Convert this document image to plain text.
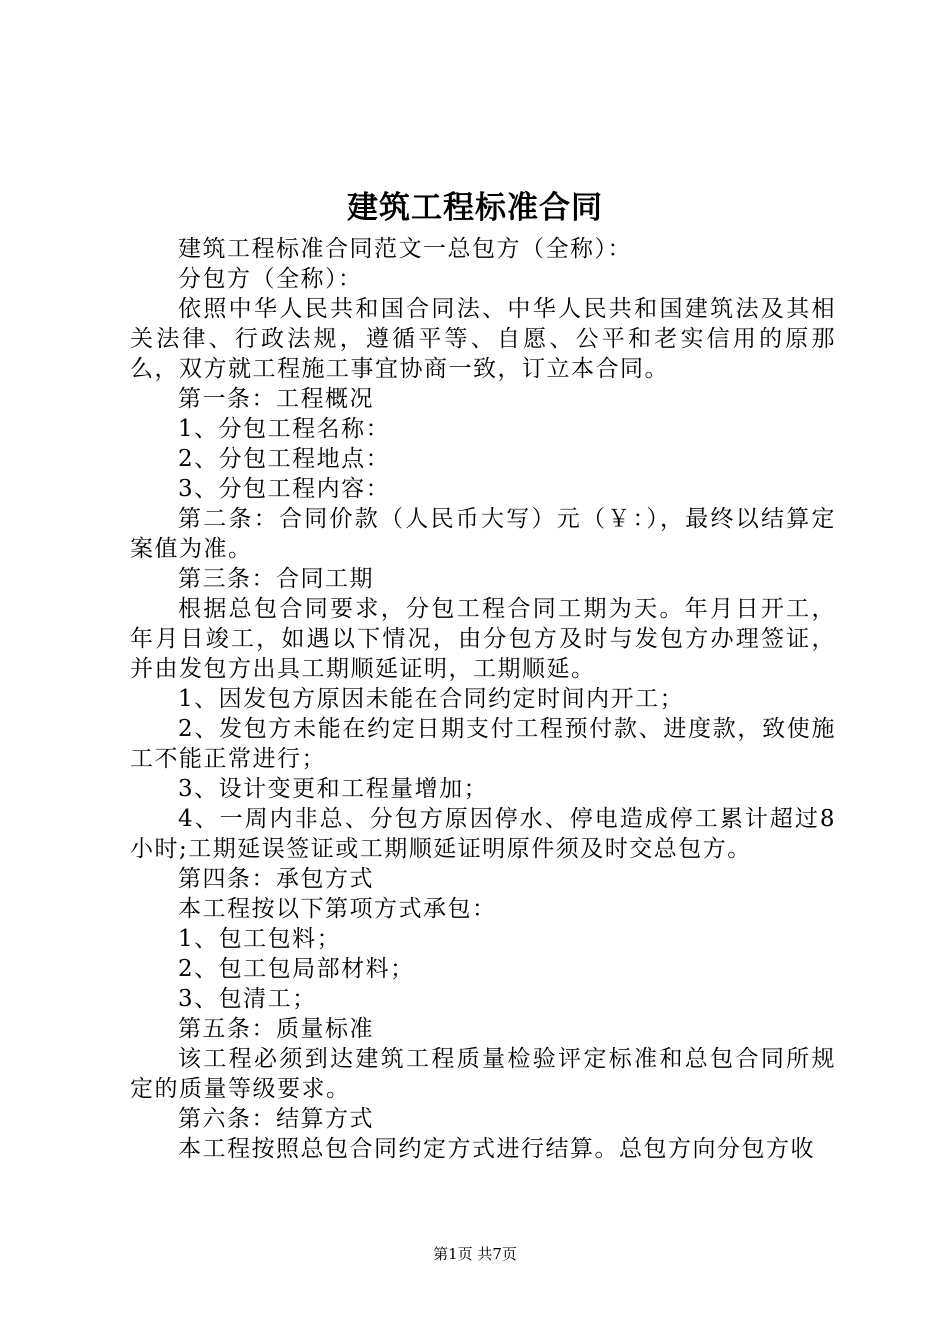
建筑工程标准合同

建筑工程标准合同范文一总包方（全称）：

分包方（全称）：

依照中华人民共和国合同法、中华人民共和国建筑法及其相关法律、行政法规，遵循平等、自愿、公平和老实信用的原那么，双方就工程施工事宜协商一致，订立本合同。

第一条：工程概况

1、分包工程名称：

2、分包工程地点：

3、分包工程内容：

第二条：合同价款（人民币大写）元（￥：），最终以结算定案值为准。

第三条：合同工期

根据总包合同要求，分包工程合同工期为天。年月日开工，年月日竣工，如遇以下情况，由分包方及时与发包方办理签证，并由发包方出具工期顺延证明，工期顺延。

1、因发包方原因未能在合同约定时间内开工；

2、发包方未能在约定日期支付工程预付款、进度款，致使施工不能正常进行；

3、设计变更和工程量增加；

4、一周内非总、分包方原因停水、停电造成停工累计超过8小时;工期延误签证或工期顺延证明原件须及时交总包方。

第四条：承包方式

本工程按以下第项方式承包：

1、包工包料；

2、包工包局部材料；

3、包清工；

第五条：质量标准

该工程必须到达建筑工程质量检验评定标准和总包合同所规定的质量等级要求。

第六条：结算方式

本工程按照总包合同约定方式进行结算。总包方向分包方收

第1页 共7页
